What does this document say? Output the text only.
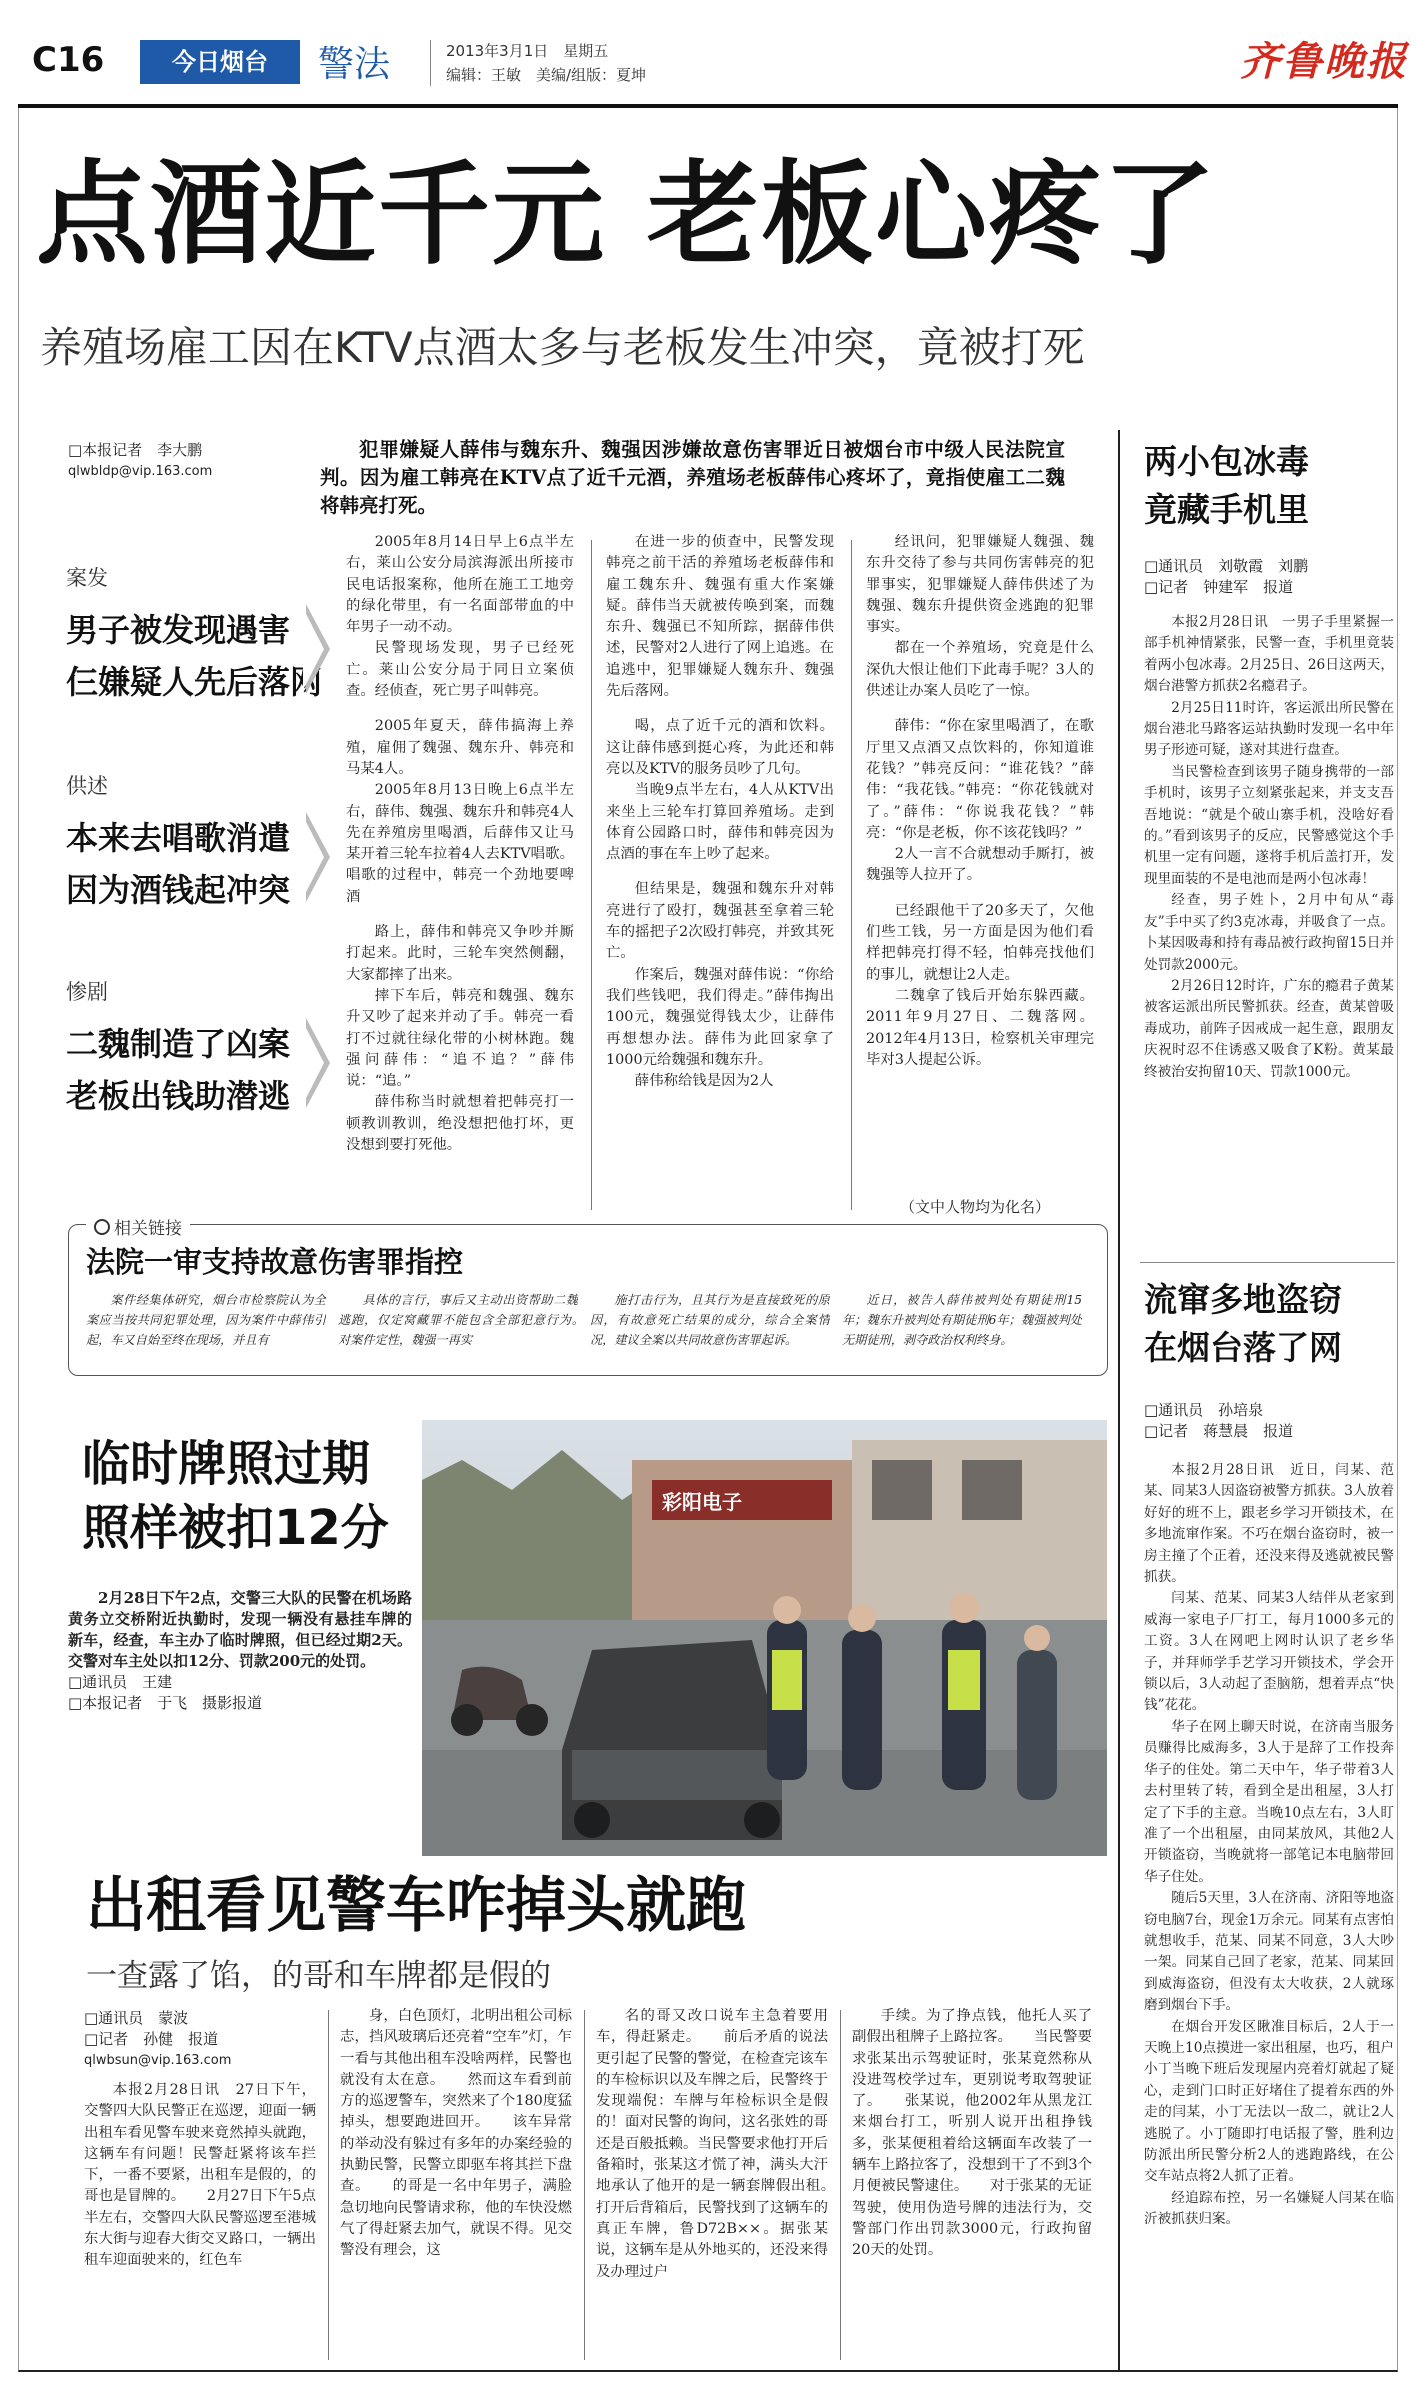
C16	今日烟台	警法	2013年3月1日　星期五
编辑：王敏　美编/组版：夏坤	齐鲁晚报
点酒近千元 老板心疼了
养殖场雇工因在KTV点酒太多与老板发生冲突，竟被打死
□本报记者　李大鹏
qlwbldp@vip.163.com
犯罪嫌疑人薛伟与魏东升、魏强因涉嫌故意伤害罪近日被烟台市中级人民法院宣判。因为雇工韩亮在KTV点了近千元酒，养殖场老板薛伟心疼坏了，竟指使雇工二魏将韩亮打死。
案发
男子被发现遇害
仨嫌疑人先后落网
供述
本来去唱歌消遣
因为酒钱起冲突
惨剧
二魏制造了凶案
老板出钱助潜逃

2005年8月14日早上6点半左右，莱山公安分局滨海派出所接市民电话报案称，他所在施工工地旁的绿化带里，有一名面部带血的中年男子一动不动。

民警现场发现，男子已经死亡。莱山公安分局于同日立案侦查。经侦查，死亡男子叫韩亮。

2005年夏天，薛伟搞海上养殖，雇佣了魏强、魏东升、韩亮和马某4人。

2005年8月13日晚上6点半左右，薛伟、魏强、魏东升和韩亮4人先在养殖房里喝酒，后薛伟又让马某开着三轮车拉着4人去KTV唱歌。唱歌的过程中，韩亮一个劲地要啤酒

路上，薛伟和韩亮又争吵并厮打起来。此时，三轮车突然侧翻，大家都摔了出来。

摔下车后，韩亮和魏强、魏东升又吵了起来并动了手。韩亮一看打不过就往绿化带的小树林跑。魏强问薛伟：“追不追？”薛伟说：“追。”

薛伟称当时就想着把韩亮打一顿教训教训，绝没想把他打坏，更没想到要打死他。

在进一步的侦查中，民警发现韩亮之前干活的养殖场老板薛伟和雇工魏东升、魏强有重大作案嫌疑。薛伟当天就被传唤到案，而魏东升、魏强已不知所踪，据薛伟供述，民警对2人进行了网上追逃。在追逃中，犯罪嫌疑人魏东升、魏强先后落网。

喝，点了近千元的酒和饮料。这让薛伟感到挺心疼，为此还和韩亮以及KTV的服务员吵了几句。

当晚9点半左右，4人从KTV出来坐上三轮车打算回养殖场。走到体育公园路口时，薛伟和韩亮因为点酒的事在车上吵了起来。

但结果是，魏强和魏东升对韩亮进行了殴打，魏强甚至拿着三轮车的摇把子2次殴打韩亮，并致其死亡。

作案后，魏强对薛伟说：“你给我们些钱吧，我们得走。”薛伟掏出100元，魏强觉得钱太少，让薛伟再想想办法。薛伟为此回家拿了1000元给魏强和魏东升。

薛伟称给钱是因为2人

经讯问，犯罪嫌疑人魏强、魏东升交待了参与共同伤害韩亮的犯罪事实，犯罪嫌疑人薛伟供述了为魏强、魏东升提供资金逃跑的犯罪事实。

都在一个养殖场，究竟是什么深仇大恨让他们下此毒手呢？3人的供述让办案人员吃了一惊。

薛伟：“你在家里喝酒了，在歌厅里又点酒又点饮料的，你知道谁花钱？”韩亮反问：“谁花钱？”薛伟：“我花钱。”韩亮：“你花钱就对了。”薛伟：“你说我花钱？”韩亮：“你是老板，你不该花钱吗？”

2人一言不合就想动手厮打，被魏强等人拉开了。

已经跟他干了20多天了，欠他们些工钱，另一方面是因为他们看样把韩亮打得不轻，怕韩亮找他们的事儿，就想让2人走。

二魏拿了钱后开始东躲西藏。2011年9月27日、二魏落网。2012年4月13日，检察机关审理完毕对3人提起公诉。

（文中人物均为化名）
相关链接
法院一审支持故意伤害罪指控
案件经集体研究，烟台市检察院认为全案应当按共同犯罪处理，因为案件中薛伟引起，车又自始至终在现场，并且有
具体的言行，事后又主动出资帮助二魏逃跑，仅定窝藏罪不能包含全部犯意行为。　　对案件定性，魏强一再实
施打击行为，且其行为是直接致死的原因，有故意死亡结果的成分，综合全案情况，建议全案以共同故意伤害罪起诉。
近日，被告人薛伟被判处有期徒刑15年；魏东升被判处有期徒刑6年；魏强被判处无期徒刑，剥夺政治权利终身。
临时牌照过期
照样被扣12分	彩阳电子
2月28日下午2点，交警三大队的民警在机场路黄务立交桥附近执勤时，发现一辆没有悬挂车牌的新车，经查，车主办了临时牌照，但已经过期2天。交警对车主处以扣12分、罚款200元的处罚。
□通讯员　王建
□本报记者　于飞　摄影报道
出租看见警车咋掉头就跑
一查露了馅，的哥和车牌都是假的
□通讯员　蒙波
□记者　孙健　报道
qlwbsun@vip.163.com
本报2月28日讯　27日下午，交警四大队民警正在巡逻，迎面一辆出租车看见警车驶来竟然掉头就跑，这辆车有问题！民警赶紧将该车拦下，一番不要紧，出租车是假的，的哥也是冒牌的。　　2月27日下午5点半左右，交警四大队民警巡逻至港城东大街与迎春大街交叉路口，一辆出租车迎面驶来的，红色车
身，白色顶灯，北明出租公司标志，挡风玻璃后还亮着“空车”灯，乍一看与其他出租车没啥两样，民警也就没有太在意。　　然而这车看到前方的巡逻警车，突然来了个180度猛掉头，想要跑进回开。　　该车异常的举动没有躲过有多年的办案经验的执勤民警，民警立即驱车将其拦下盘查。　　的哥是一名中年男子，满脸急切地向民警请求称，他的车快没燃气了得赶紧去加气，就误不得。见交警没有理会，这
名的哥又改口说车主急着要用车，得赶紧走。　　前后矛盾的说法更引起了民警的警觉，在检查完该车的车检标识以及车牌之后，民警终于发现端倪：车牌与年检标识全是假的！面对民警的询问，这名张姓的哥还是百般抵赖。当民警要求他打开后备箱时，张某这才慌了神，满头大汗地承认了他开的是一辆套牌假出租。　　打开后背箱后，民警找到了这辆车的真正车牌，鲁D72B××。据张某说，这辆车是从外地买的，还没来得及办理过户
手续。为了挣点钱，他托人买了副假出租牌子上路拉客。　　当民警要求张某出示驾驶证时，张某竟然称从没进驾校学过车，更别说考取驾驶证了。　　张某说，他2002年从黑龙江来烟台打工，听别人说开出租挣钱多，张某便租着给这辆面车改装了一辆车上路拉客了，没想到干了不到3个月便被民警逮住。　　对于张某的无证驾驶，使用伪造号牌的违法行为，交警部门作出罚款3000元，行政拘留20天的处罚。
两小包冰毒
竟藏手机里
□通讯员　刘敬霞　刘鹏
□记者　钟建军　报道

本报2月28日讯　一男子手里紧握一部手机神情紧张，民警一查，手机里竟装着两小包冰毒。2月25日、26日这两天，烟台港警方抓获2名瘾君子。

2月25日11时许，客运派出所民警在烟台港北马路客运站执勤时发现一名中年男子形迹可疑，遂对其进行盘查。

当民警检查到该男子随身携带的一部手机时，该男子立刻紧张起来，并支支吾吾地说：“就是个破山寨手机，没啥好看的。”看到该男子的反应，民警感觉这个手机里一定有问题，遂将手机后盖打开，发现里面装的不是电池而是两小包冰毒！

经查，男子姓卜，2月中旬从“毒友”手中买了约3克冰毒，并吸食了一点。卜某因吸毒和持有毒品被行政拘留15日并处罚款2000元。

2月26日12时许，广东的瘾君子黄某被客运派出所民警抓获。经查，黄某曾吸毒成功，前阵子因戒成一起生意，跟朋友庆祝时忍不住诱惑又吸食了K粉。黄某最终被治安拘留10天、罚款1000元。

流窜多地盗窃
在烟台落了网
□通讯员　孙培泉
□记者　蒋慧晨　报道

本报2月28日讯　近日，闫某、范某、同某3人因盗窃被警方抓获。3人放着好好的班不上，跟老乡学习开锁技术，在多地流窜作案。不巧在烟台盗窃时，被一房主撞了个正着，还没来得及逃就被民警抓获。

闫某、范某、同某3人结伴从老家到威海一家电子厂打工，每月1000多元的工资。3人在网吧上网时认识了老乡华子，并拜师学手艺学习开锁技术，学会开锁以后，3人动起了歪脑筋，想着弄点“快钱”花花。

华子在网上聊天时说，在济南当服务员赚得比威海多，3人于是辞了工作投奔华子的住处。第二天中午，华子带着3人去村里转了转，看到全是出租屋，3人打定了下手的主意。当晚10点左右，3人盯准了一个出租屋，由同某放风，其他2人开锁盗窃，当晚就将一部笔记本电脑带回华子住处。

随后5天里，3人在济南、济阳等地盗窃电脑7台，现金1万余元。同某有点害怕就想收手，范某、同某不同意，3人大吵一架。同某自己回了老家，范某、同某回到威海盗窃，但没有太大收获，2人就琢磨到烟台下手。

在烟台开发区瞅准目标后，2人于一天晚上10点摸进一家出租屋，也巧，租户小丁当晚下班后发现屋内亮着灯就起了疑心，走到门口时正好堵住了提着东西的外走的闫某，小丁无法以一敌二，就让2人逃脱了。小丁随即打电话报了警，胜利边防派出所民警分析2人的逃跑路线，在公交车站点将2人抓了正着。

经追踪布控，另一名嫌疑人闫某在临沂被抓获归案。
